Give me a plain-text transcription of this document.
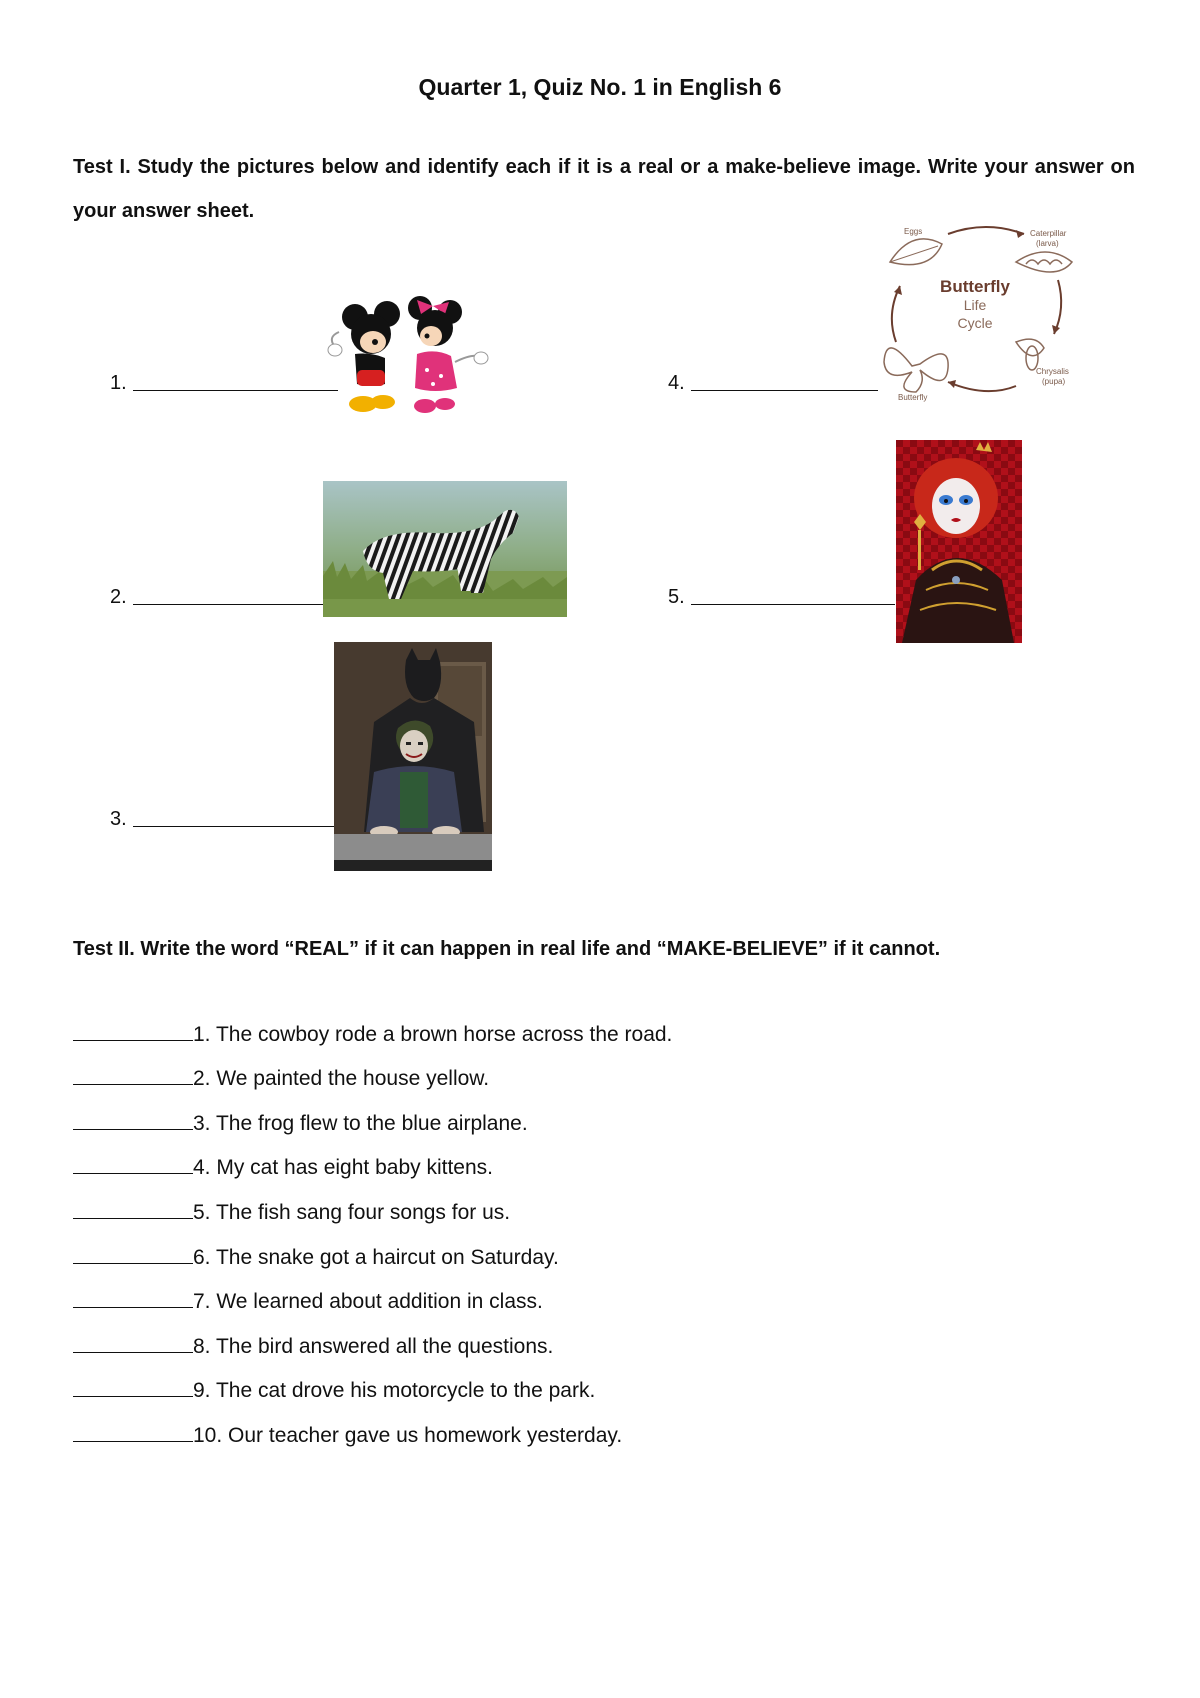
Quarter 1, Quiz No. 1 in English 6
Test I. Study the pictures below and identify each if it is a real or a make-believe image. Write your answer on your answer sheet.
1.
2.
3.
4.
Eggs	Caterpillar
(larva)
Chrysalis
(pupa)
Butterfly
Butterfly
Life
Cycle
5.
Test II. Write the word “REAL” if it can happen in real life and “MAKE-BELIEVE” if it cannot.
1. The cowboy rode a brown horse across the road.
2. We painted the house yellow.
3. The frog flew to the blue airplane.
4. My cat has eight baby kittens.
5. The fish sang four songs for us.
6. The snake got a haircut on Saturday.
7. We learned about addition in class.
8. The bird answered all the questions.
9. The cat drove his motorcycle to the park.
10. Our teacher gave us homework yesterday.
